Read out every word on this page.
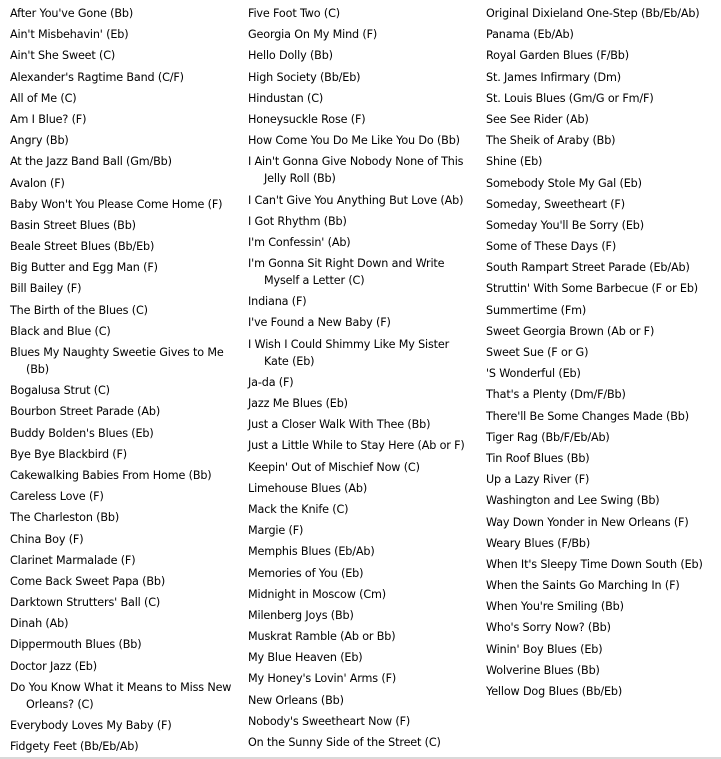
After You've Gone (Bb)
Ain't Misbehavin' (Eb)
Ain't She Sweet (C)
Alexander's Ragtime Band (C/F)
All of Me (C)
Am I Blue? (F)
Angry (Bb)
At the Jazz Band Ball (Gm/Bb)
Avalon (F)
Baby Won't You Please Come Home (F)
Basin Street Blues (Bb)
Beale Street Blues (Bb/Eb)
Big Butter and Egg Man (F)
Bill Bailey (F)
The Birth of the Blues (C)
Black and Blue (C)
Blues My Naughty Sweetie Gives to Me (Bb)
Bogalusa Strut (C)
Bourbon Street Parade (Ab)
Buddy Bolden's Blues (Eb)
Bye Bye Blackbird (F)
Cakewalking Babies From Home (Bb)
Careless Love (F)
The Charleston (Bb)
China Boy (F)
Clarinet Marmalade (F)
Come Back Sweet Papa (Bb)
Darktown Strutters' Ball (C)
Dinah (Ab)
Dippermouth Blues (Bb)
Doctor Jazz (Eb)
Do You Know What it Means to Miss New Orleans? (C)
Everybody Loves My Baby (F)
Fidgety Feet (Bb/Eb/Ab)
Five Foot Two (C)
Georgia On My Mind (F)
Hello Dolly (Bb)
High Society (Bb/Eb)
Hindustan (C)
Honeysuckle Rose (F)
How Come You Do Me Like You Do (Bb)
I Ain't Gonna Give Nobody None of This Jelly Roll (Bb)
I Can't Give You Anything But Love (Ab)
I Got Rhythm (Bb)
I'm Confessin' (Ab)
I'm Gonna Sit Right Down and Write Myself a Letter (C)
Indiana (F)
I've Found a New Baby (F)
I Wish I Could Shimmy Like My Sister Kate (Eb)
Ja-da (F)
Jazz Me Blues (Eb)
Just a Closer Walk With Thee (Bb)
Just a Little While to Stay Here (Ab or F)
Keepin' Out of Mischief Now (C)
Limehouse Blues (Ab)
Mack the Knife (C)
Margie (F)
Memphis Blues (Eb/Ab)
Memories of You (Eb)
Midnight in Moscow (Cm)
Milenberg Joys (Bb)
Muskrat Ramble (Ab or Bb)
My Blue Heaven (Eb)
My Honey's Lovin' Arms (F)
New Orleans (Bb)
Nobody's Sweetheart Now (F)
On the Sunny Side of the Street (C)
Original Dixieland One-Step (Bb/Eb/Ab)
Panama (Eb/Ab)
Royal Garden Blues (F/Bb)
St. James Infirmary (Dm)
St. Louis Blues (Gm/G or Fm/F)
See See Rider (Ab)
The Sheik of Araby (Bb)
Shine (Eb)
Somebody Stole My Gal (Eb)
Someday, Sweetheart (F)
Someday You'll Be Sorry (Eb)
Some of These Days (F)
South Rampart Street Parade (Eb/Ab)
Struttin' With Some Barbecue (F or Eb)
Summertime (Fm)
Sweet Georgia Brown (Ab or F)
Sweet Sue (F or G)
'S Wonderful (Eb)
That's a Plenty (Dm/F/Bb)
There'll Be Some Changes Made (Bb)
Tiger Rag (Bb/F/Eb/Ab)
Tin Roof Blues (Bb)
Up a Lazy River (F)
Washington and Lee Swing (Bb)
Way Down Yonder in New Orleans (F)
Weary Blues (F/Bb)
When It's Sleepy Time Down South (Eb)
When the Saints Go Marching In (F)
When You're Smiling (Bb)
Who's Sorry Now? (Bb)
Winin' Boy Blues (Eb)
Wolverine Blues (Bb)
Yellow Dog Blues (Bb/Eb)
